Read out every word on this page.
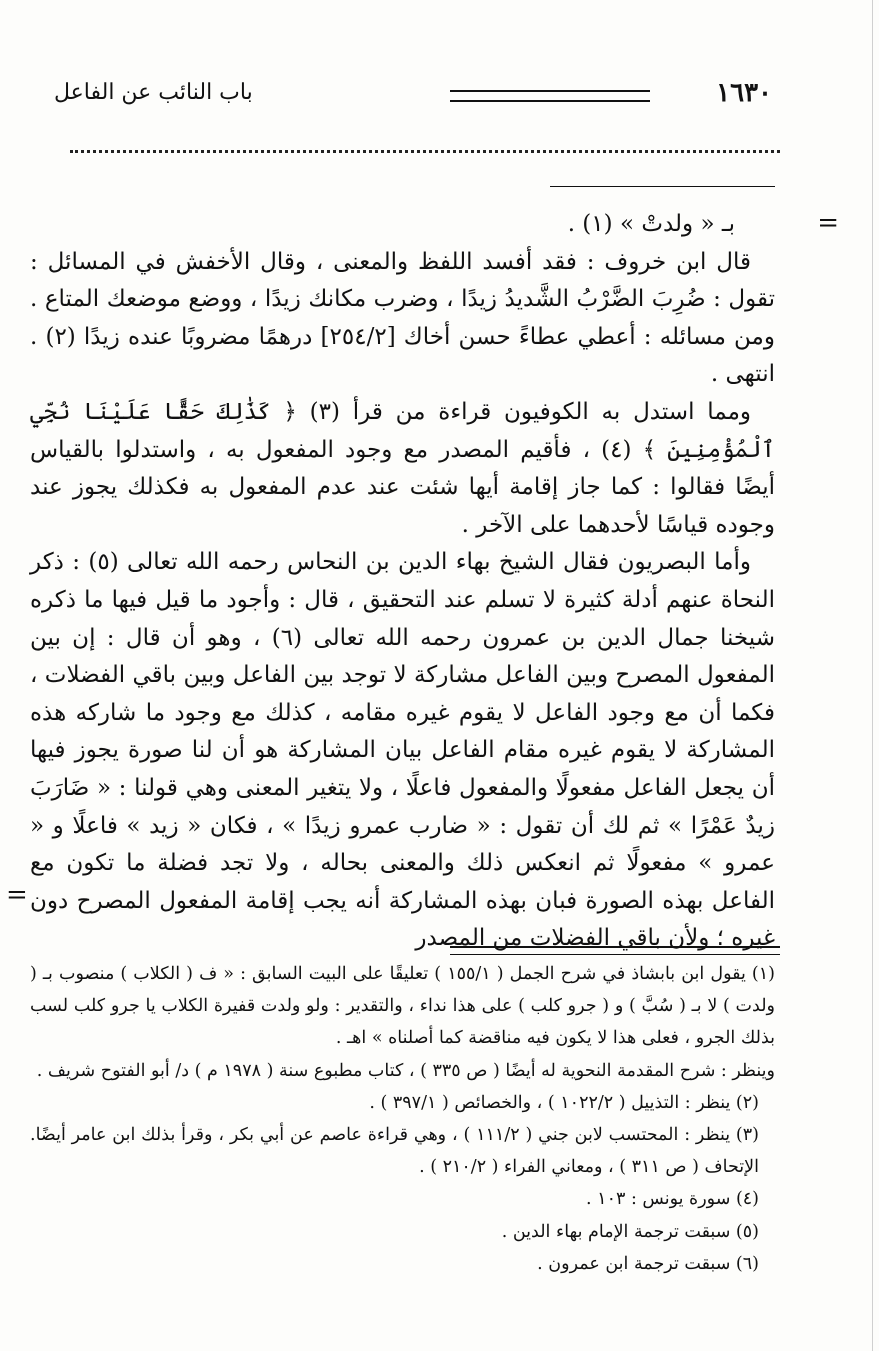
١٦٣٠
باب النائب عن الفاعل
=

بـ « ولدتْ » (١) .

قال ابن خروف : فقد أفسد اللفظ والمعنى ، وقال الأخفش في المسائل : تقول : ضُرِبَ الضَّرْبُ الشَّديدُ زيدًا ، وضرب مكانك زيدًا ، ووضع موضعك المتاع . ومن مسائله : أعطي عطاءً حسن أخاك [٢٥٤/٢] درهمًا مضروبًا عنده زيدًا (٢) . انتهى .

ومما استدل به الكوفيون قراءة من قرأ (٣) ﴿ كَذَٰلِكَ حَقًّا عَلَيْنَا نُجِّي ٱلْمُؤْمِنِينَ ﴾ (٤) ، فأقيم المصدر مع وجود المفعول به ، واستدلوا بالقياس أيضًا فقالوا : كما جاز إقامة أيها شئت عند عدم المفعول به فكذلك يجوز عند وجوده قياسًا لأحدهما على الآخر .

وأما البصريون فقال الشيخ بهاء الدين بن النحاس رحمه الله تعالى (٥) : ذكر النحاة عنهم أدلة كثيرة لا تسلم عند التحقيق ، قال : وأجود ما قيل فيها ما ذكره شيخنا جمال الدين بن عمرون رحمه الله تعالى (٦) ، وهو أن قال : إن بين المفعول المصرح وبين الفاعل مشاركة لا توجد بين الفاعل وبين باقي الفضلات ، فكما أن مع وجود الفاعل لا يقوم غيره مقامه ، كذلك مع وجود ما شاركه هذه المشاركة لا يقوم غيره مقام الفاعل بيان المشاركة هو أن لنا صورة يجوز فيها أن يجعل الفاعل مفعولًا والمفعول فاعلًا ، ولا يتغير المعنى وهي قولنا : « ضَارَبَ زيدٌ عَمْرًا » ثم لك أن تقول : « ضارب عمرو زيدًا » ، فكان « زيد » فاعلًا و « عمرو » مفعولًا ثم انعكس ذلك والمعنى بحاله ، ولا تجد فضلة ما تكون مع الفاعل بهذه الصورة فبان بهذه المشاركة أنه يجب إقامة المفعول المصرح دون غيره ؛ ولأن باقي الفضلات من المصدر

=

(١) يقول ابن بابشاذ في شرح الجمل ( ١٥٥/١ ) تعليقًا على البيت السابق : « ف ( الكلاب ) منصوب بـ ( ولدت ) لا بـ ( سُبَّ ) و ( جرو كلب ) على هذا نداء ، والتقدير : ولو ولدت قفيرة الكلاب يا جرو كلب لسب بذلك الجرو ، فعلى هذا لا يكون فيه مناقضة كما أصلناه » اهـ .

وينظر : شرح المقدمة النحوية له أيضًا ( ص ٣٣٥ ) ، كتاب مطبوع سنة ( ١٩٧٨ م ) د/ أبو الفتوح شريف .

(٢) ينظر : التذييل ( ١٠٢٢/٢ ) ، والخصائص ( ٣٩٧/١ ) .

(٣) ينظر : المحتسب لابن جني ( ١١١/٢ ) ، وهي قراءة عاصم عن أبي بكر ، وقرأ بذلك ابن عامر أيضًا. الإتحاف ( ص ٣١١ ) ، ومعاني الفراء ( ٢١٠/٢ ) .

(٤) سورة يونس : ١٠٣ .

(٥) سبقت ترجمة الإمام بهاء الدين .

(٦) سبقت ترجمة ابن عمرون .
